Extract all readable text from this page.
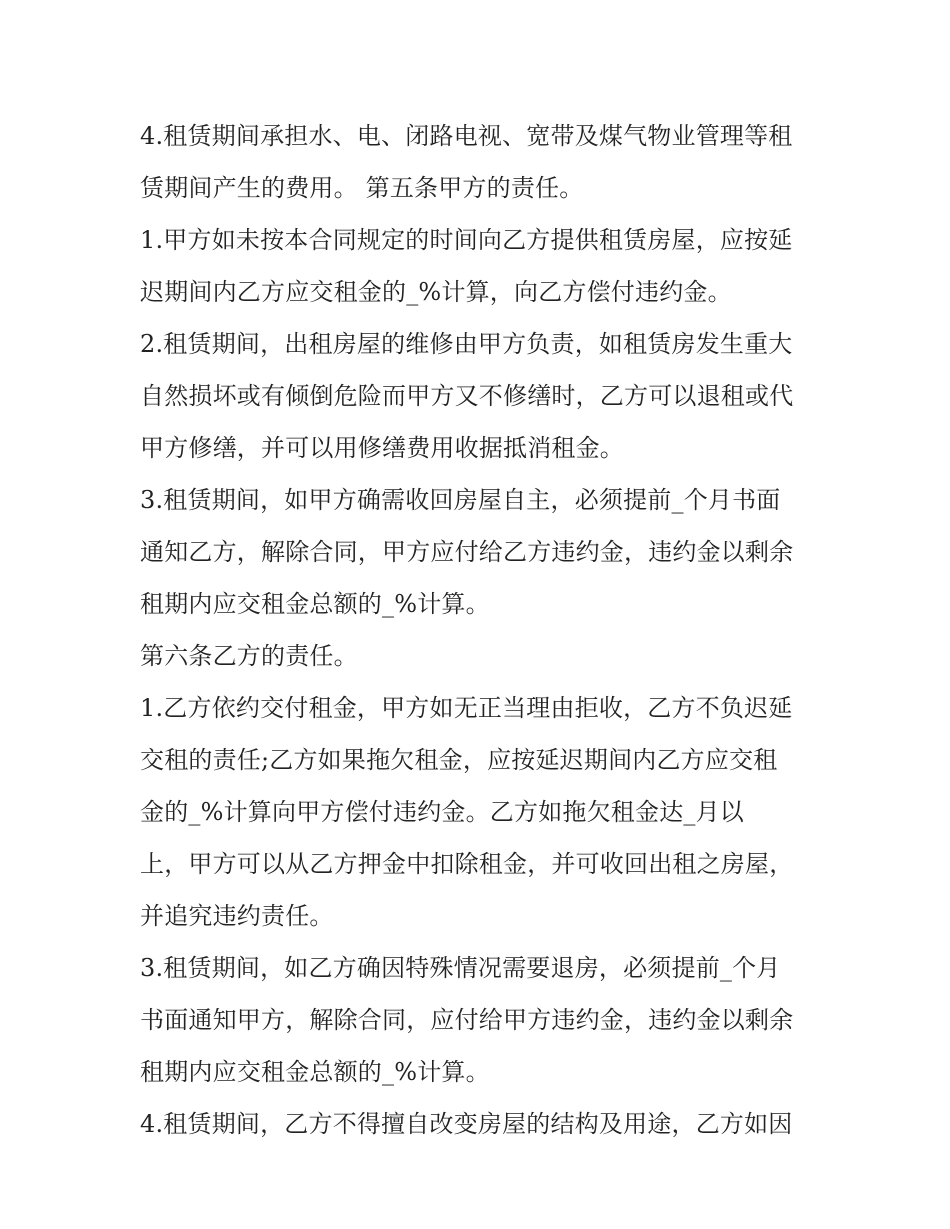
4.租赁期间承担水、电、闭路电视、宽带及煤气物业管理等租
赁期间产生的费用。 第五条甲方的责任。
1.甲方如未按本合同规定的时间向乙方提供租赁房屋，应按延
迟期间内乙方应交租金的_%计算，向乙方偿付违约金。
2.租赁期间，出租房屋的维修由甲方负责，如租赁房发生重大
自然损坏或有倾倒危险而甲方又不修缮时，乙方可以退租或代
甲方修缮，并可以用修缮费用收据抵消租金。
3.租赁期间，如甲方确需收回房屋自主，必须提前_个月书面
通知乙方，解除合同，甲方应付给乙方违约金，违约金以剩余
租期内应交租金总额的_%计算。
第六条乙方的责任。
1.乙方依约交付租金，甲方如无正当理由拒收，乙方不负迟延
交租的责任;乙方如果拖欠租金，应按延迟期间内乙方应交租
金的_%计算向甲方偿付违约金。乙方如拖欠租金达_月以
上，甲方可以从乙方押金中扣除租金，并可收回出租之房屋，
并追究违约责任。
3.租赁期间，如乙方确因特殊情况需要退房，必须提前_个月
书面通知甲方，解除合同，应付给甲方违约金，违约金以剩余
租期内应交租金总额的_%计算。
4.租赁期间，乙方不得擅自改变房屋的结构及用途，乙方如因
